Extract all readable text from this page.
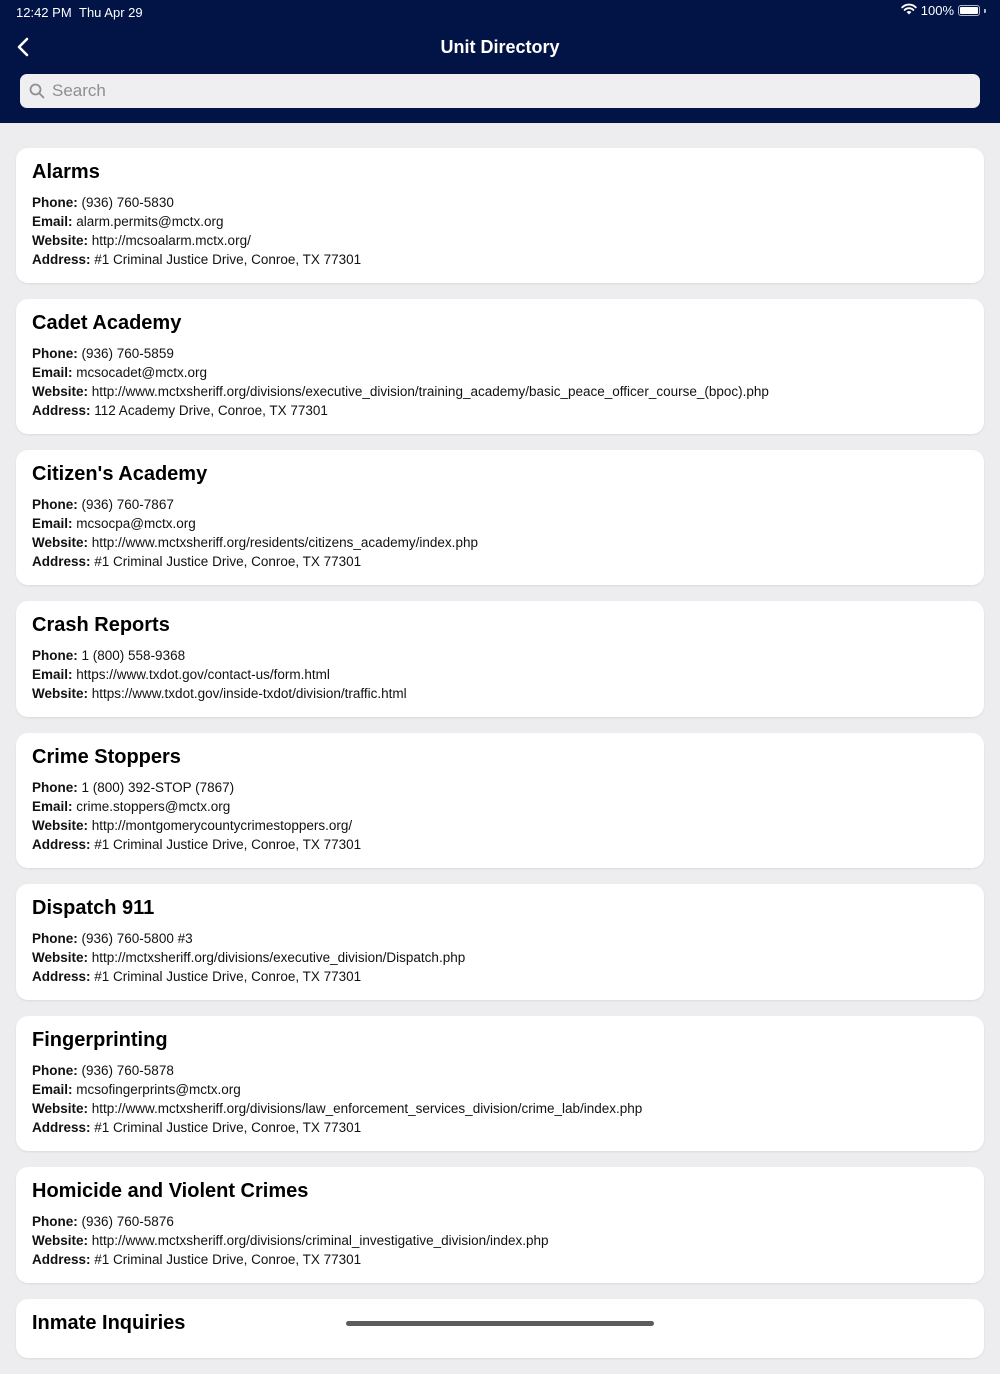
12:42 PM Thu Apr 29	100%
Unit Directory
Search
Alarms
Phone: (936) 760-5830
Email: alarm.permits@mctx.org
Website: http://mcsoalarm.mctx.org/
Address: #1 Criminal Justice Drive, Conroe, TX 77301
Cadet Academy
Phone: (936) 760-5859
Email: mcsocadet@mctx.org
Website: http://www.mctxsheriff.org/divisions/executive_division/training_academy/basic_peace_officer_course_(bpoc).php
Address: 112 Academy Drive, Conroe, TX 77301
Citizen's Academy
Phone: (936) 760-7867
Email: mcsocpa@mctx.org
Website: http://www.mctxsheriff.org/residents/citizens_academy/index.php
Address: #1 Criminal Justice Drive, Conroe, TX 77301
Crash Reports
Phone: 1 (800) 558-9368
Email: https://www.txdot.gov/contact-us/form.html
Website: https://www.txdot.gov/inside-txdot/division/traffic.html
Crime Stoppers
Phone: 1 (800) 392-STOP (7867)
Email: crime.stoppers@mctx.org
Website: http://montgomerycountycrimestoppers.org/
Address: #1 Criminal Justice Drive, Conroe, TX 77301
Dispatch 911
Phone: (936) 760-5800 #3
Website: http://mctxsheriff.org/divisions/executive_division/Dispatch.php
Address: #1 Criminal Justice Drive, Conroe, TX 77301
Fingerprinting
Phone: (936) 760-5878
Email: mcsofingerprints@mctx.org
Website: http://www.mctxsheriff.org/divisions/law_enforcement_services_division/crime_lab/index.php
Address: #1 Criminal Justice Drive, Conroe, TX 77301
Homicide and Violent Crimes
Phone: (936) 760-5876
Website: http://www.mctxsheriff.org/divisions/criminal_investigative_division/index.php
Address: #1 Criminal Justice Drive, Conroe, TX 77301
Inmate Inquiries
